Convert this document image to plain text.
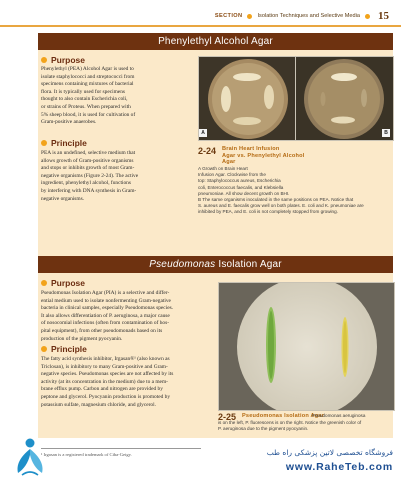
SECTION	Isolation Techniques and Selective Media 15
Phenylethyl Alcohol Agar
Purpose
Phenylethyl (PEA) Alcohol Agar is used to
isolate staphylococci and streptococci from
specimens containing mixtures of bacterial
flora. It is typically used for specimens
thought to also contain Escherichia coli,
or strains of Proteus. When prepared with
5% sheep blood, it is used for cultivation of
Gram-positive anaerobes.
Principle
PEA is an undefined, selective medium that
allows growth of Gram-positive organisms
and stops or inhibits growth of most Gram-
negative organisms (Figure 2-24). The active
ingredient, phenylethyl alcohol, functions
by interfering with DNA synthesis in Gram-
negative organisms.
A	B
2-24 Brain Heart Infusion
Agar vs. Phenylethyl Alcohol
Agar
A Growth on Brain Heart
Infusion Agar. Clockwise from the
top: Staphylococcus aureus, Escherichia
coli, Enterococcus faecalis, and Klebsiella
pneumoniae. All show decent growth on BHI.
B The same organisms inoculated in the same positions on PEA. Notice that
S. aureus and E. faecalis grow well on both plates. E. coli and K. pneumoniae are
inhibited by PEA, and E. coli is not completely stopped from growing.
Pseudomonas Isolation Agar
Purpose
Pseudomonas Isolation Agar (PIA) is a selective and differ-
ential medium used to isolate nonfermenting Gram-negative
bacteria in clinical samples, especially Pseudomonas species.
It also allows differentiation of P. aeruginosa, a major cause
of nosocomial infections (often from contamination of hos-
pital equipment), from other pseudomonads based on its
production of the pigment pyocyanin.
Principle
The fatty acid synthesis inhibitor, Irgasan®¹ (also known as
Triclosan), is inhibitory to many Gram-positive and Gram-
negative species. Pseudomonas species are not affected by its
activity (at its concentration in the medium) due to a mem-
brane efflux pump. Carbon and nitrogen are provided by
peptone and glycerol. Pyocyanin production is promoted by
potassium sulfate, magnesium chloride, and glycerol.
2-25 Pseudomonas Isolation Agar
Pseudomonas aeruginosa
is on the left, P. fluorescens is on the right. Notice the greenish color of
P. aeruginosa due to the pigment pyocyanin.
¹ Irgasan is a registered trademark of Ciba-Geigy.	فروشگاه تخصصی لاتین پزشکی راه طب
www.RaheTeb.com
